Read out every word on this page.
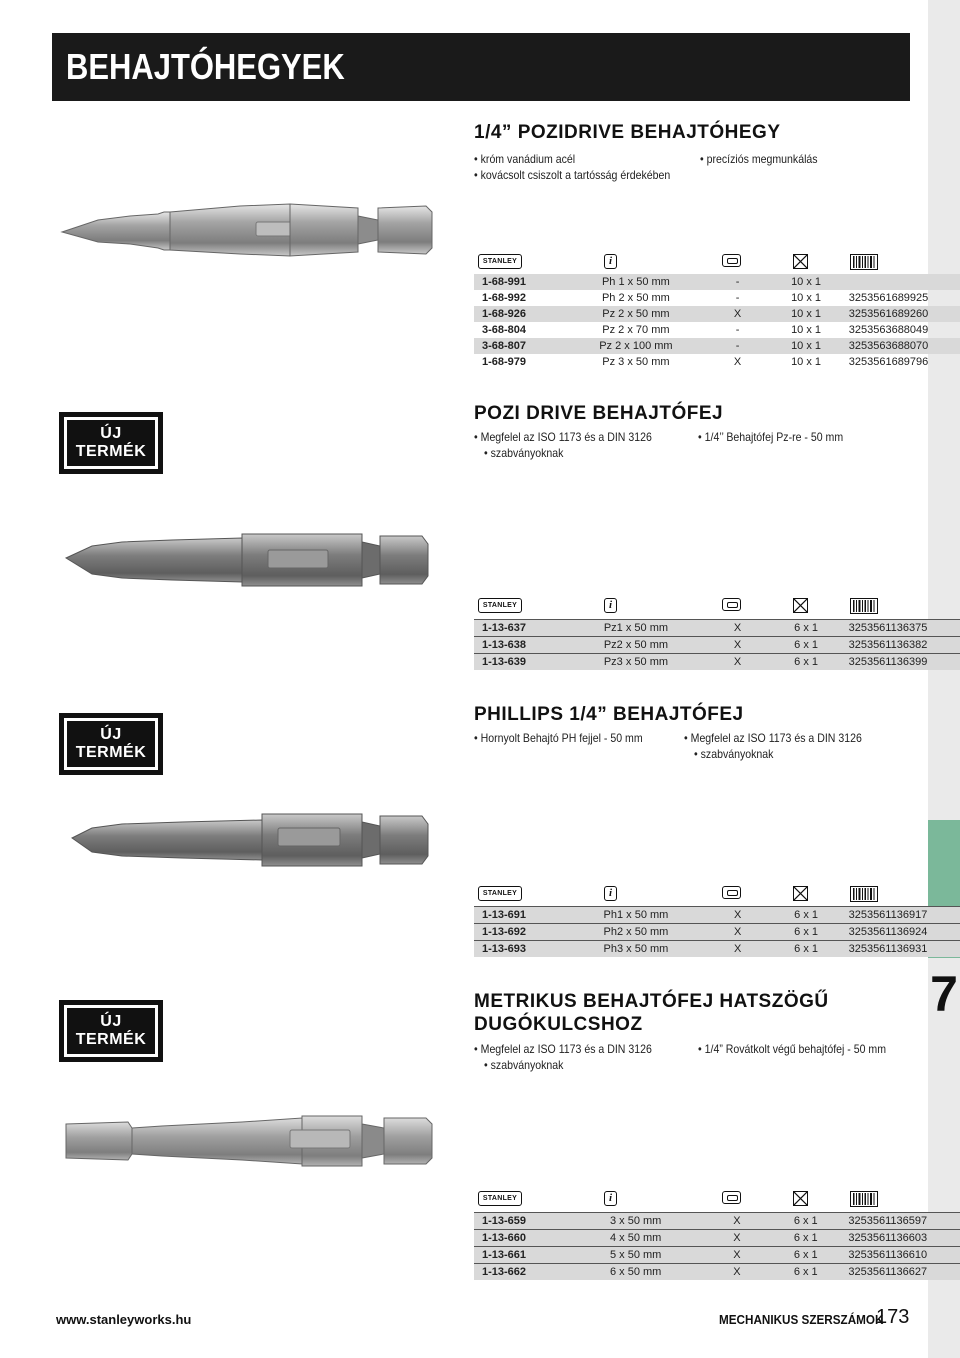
7
BEHAJTÓHEGYEK
1/4” POZIDRIVE BEHAJTÓHEGY
• króm vanádium acél
• kovácsolt csiszolt a tartósság érdekében
• precíziós megmunkálás
STANLEY	i
1-68-991	Ph 1 x 50 mm	-	10 x 1	
1-68-992	Ph 2 x 50 mm	-	10 x 1	3253561689925
1-68-926	Pz 2 x 50 mm	X	10 x 1	3253561689260
3-68-804	Pz 2 x 70 mm	-	10 x 1	3253563688049
3-68-807	Pz 2 x 100 mm	-	10 x 1	3253563688070
1-68-979	Pz 3 x 50 mm	X	10 x 1	3253561689796
ÚJ
TERMÉK
POZI DRIVE BEHAJTÓFEJ
• Megfelel az ISO 1173 és a DIN 3126
• szabványoknak
• 1/4’’ Behajtófej Pz-re - 50 mm
STANLEY	i
1-13-637	Pz1 x 50 mm	X	6 x 1	3253561136375
1-13-638	Pz2 x 50 mm	X	6 x 1	3253561136382
1-13-639	Pz3 x 50 mm	X	6 x 1	3253561136399
ÚJ
TERMÉK
PHILLIPS 1/4” BEHAJTÓFEJ
• Hornyolt Behajtó PH fejjel - 50 mm	• Megfelel az ISO 1173 és a DIN 3126
• szabványoknak
STANLEY	i
1-13-691	Ph1 x 50 mm	X	6 x 1	3253561136917
1-13-692	Ph2 x 50 mm	X	6 x 1	3253561136924
1-13-693	Ph3 x 50 mm	X	6 x 1	3253561136931
ÚJ
TERMÉK
METRIKUS BEHAJTÓFEJ HATSZÖGŰ
DUGÓKULCSHOZ
• Megfelel az ISO 1173 és a DIN 3126
• szabványoknak
• 1/4” Rovátkolt végű behajtófej - 50 mm
STANLEY	i
1-13-659	3 x 50 mm	X	6 x 1	3253561136597
1-13-660	4 x 50 mm	X	6 x 1	3253561136603
1-13-661	5 x 50 mm	X	6 x 1	3253561136610
1-13-662	6 x 50 mm	X	6 x 1	3253561136627
www.stanleyworks.hu	MECHANIKUS SZERSZÁMOK
173
